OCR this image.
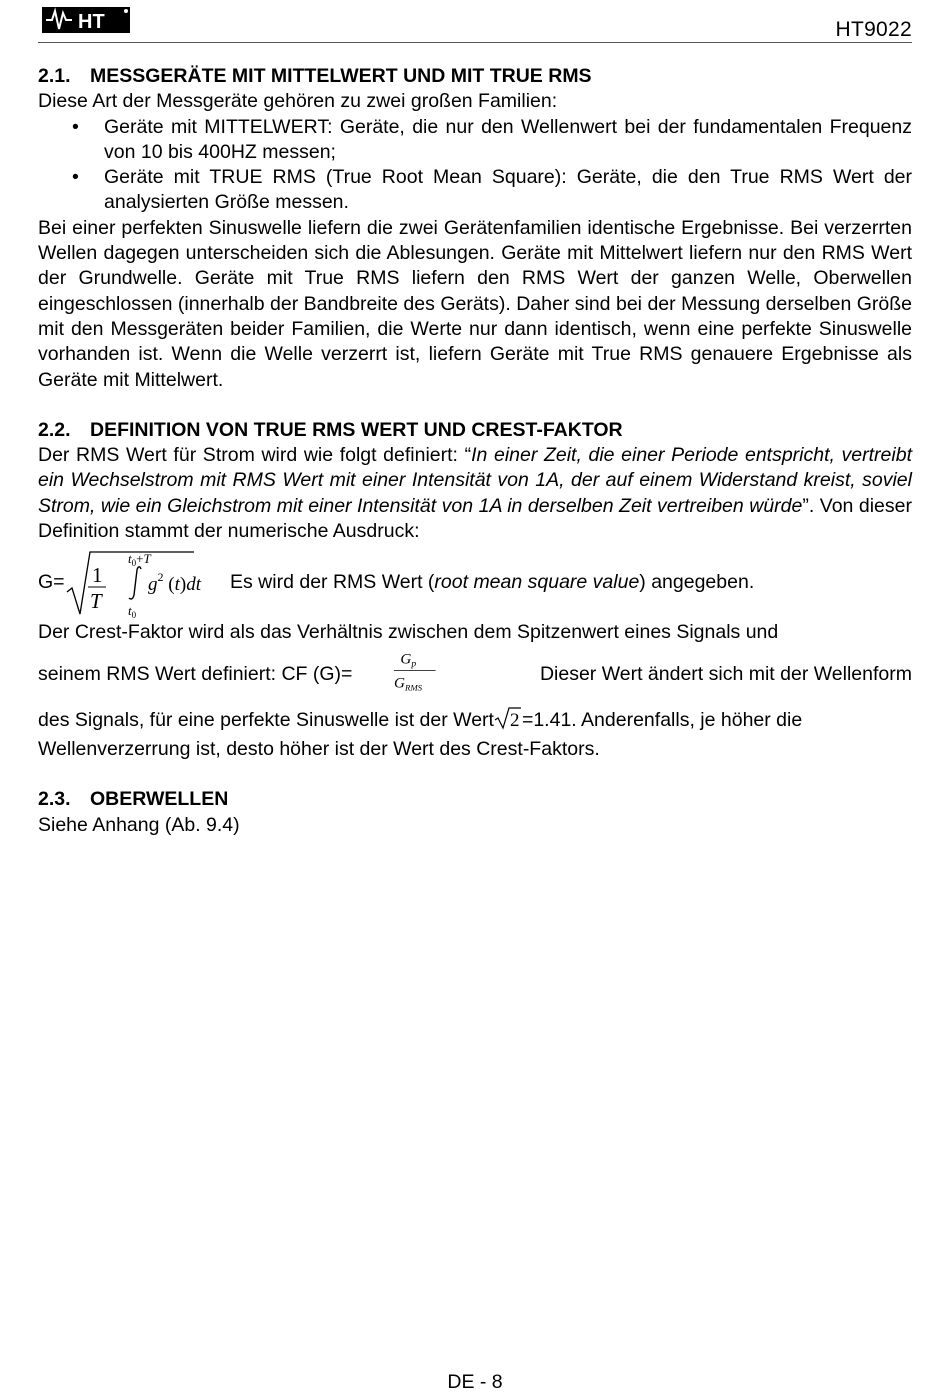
HT	HT9022
2.1. MESSGERÄTE MIT MITTELWERT UND MIT TRUE RMS

Diese Art der Messgeräte gehören zu zwei großen Familien:

• Geräte mit MITTELWERT: Geräte, die nur den Wellenwert bei der fundamentalen Frequenz von 10 bis 400HZ messen;
• Geräte mit TRUE RMS (True Root Mean Square): Geräte, die den True RMS Wert der analysierten Größe messen.

Bei einer perfekten Sinuswelle liefern die zwei Gerätenfamilien identische Ergebnisse. Bei verzerrten Wellen dagegen unterscheiden sich die Ablesungen. Geräte mit Mittelwert liefern nur den RMS Wert der Grundwelle. Geräte mit True RMS liefern den RMS Wert der ganzen Welle, Oberwellen eingeschlossen (innerhalb der Bandbreite des Geräts). Daher sind bei der Messung derselben Größe mit den Messgeräten beider Familien, die Werte nur dann identisch, wenn eine perfekte Sinuswelle vorhanden ist. Wenn die Welle verzerrt ist, liefern Geräte mit True RMS genauere Ergebnisse als Geräte mit Mittelwert.

2.2. DEFINITION VON TRUE RMS WERT UND CREST-FAKTOR

Der RMS Wert für Strom wird wie folgt definiert: “In einer Zeit, die einer Periode entspricht, vertreibt ein Wechselstrom mit RMS Wert mit einer Intensität von 1A, der auf einem Widerstand kreist, soviel Strom, wie ein Gleichstrom mit einer Intensität von 1A in derselben Zeit vertreiben würde”. Von dieser Definition stammt der numerische Ausdruck:

G= 1
T
$t_0+T$
$t_0$
$g^2$ (t)dt Es wird der RMS Wert (root mean square value) angegeben.

Der Crest-Faktor wird als das Verhältnis zwischen dem Spitzenwert eines Signals und

seinem RMS Wert definiert: CF (G)=
$G_p$
$G_{RMS}$
Dieser Wert ändert sich mit der Wellenform

des Signals, für eine perfekte Sinuswelle ist der Wert 2 =1.41. Anderenfalls, je höher die

Wellenverzerrung ist, desto höher ist der Wert des Crest-Faktors.

2.3. OBERWELLEN

Siehe Anhang (Ab. 9.4)

DE - 8
